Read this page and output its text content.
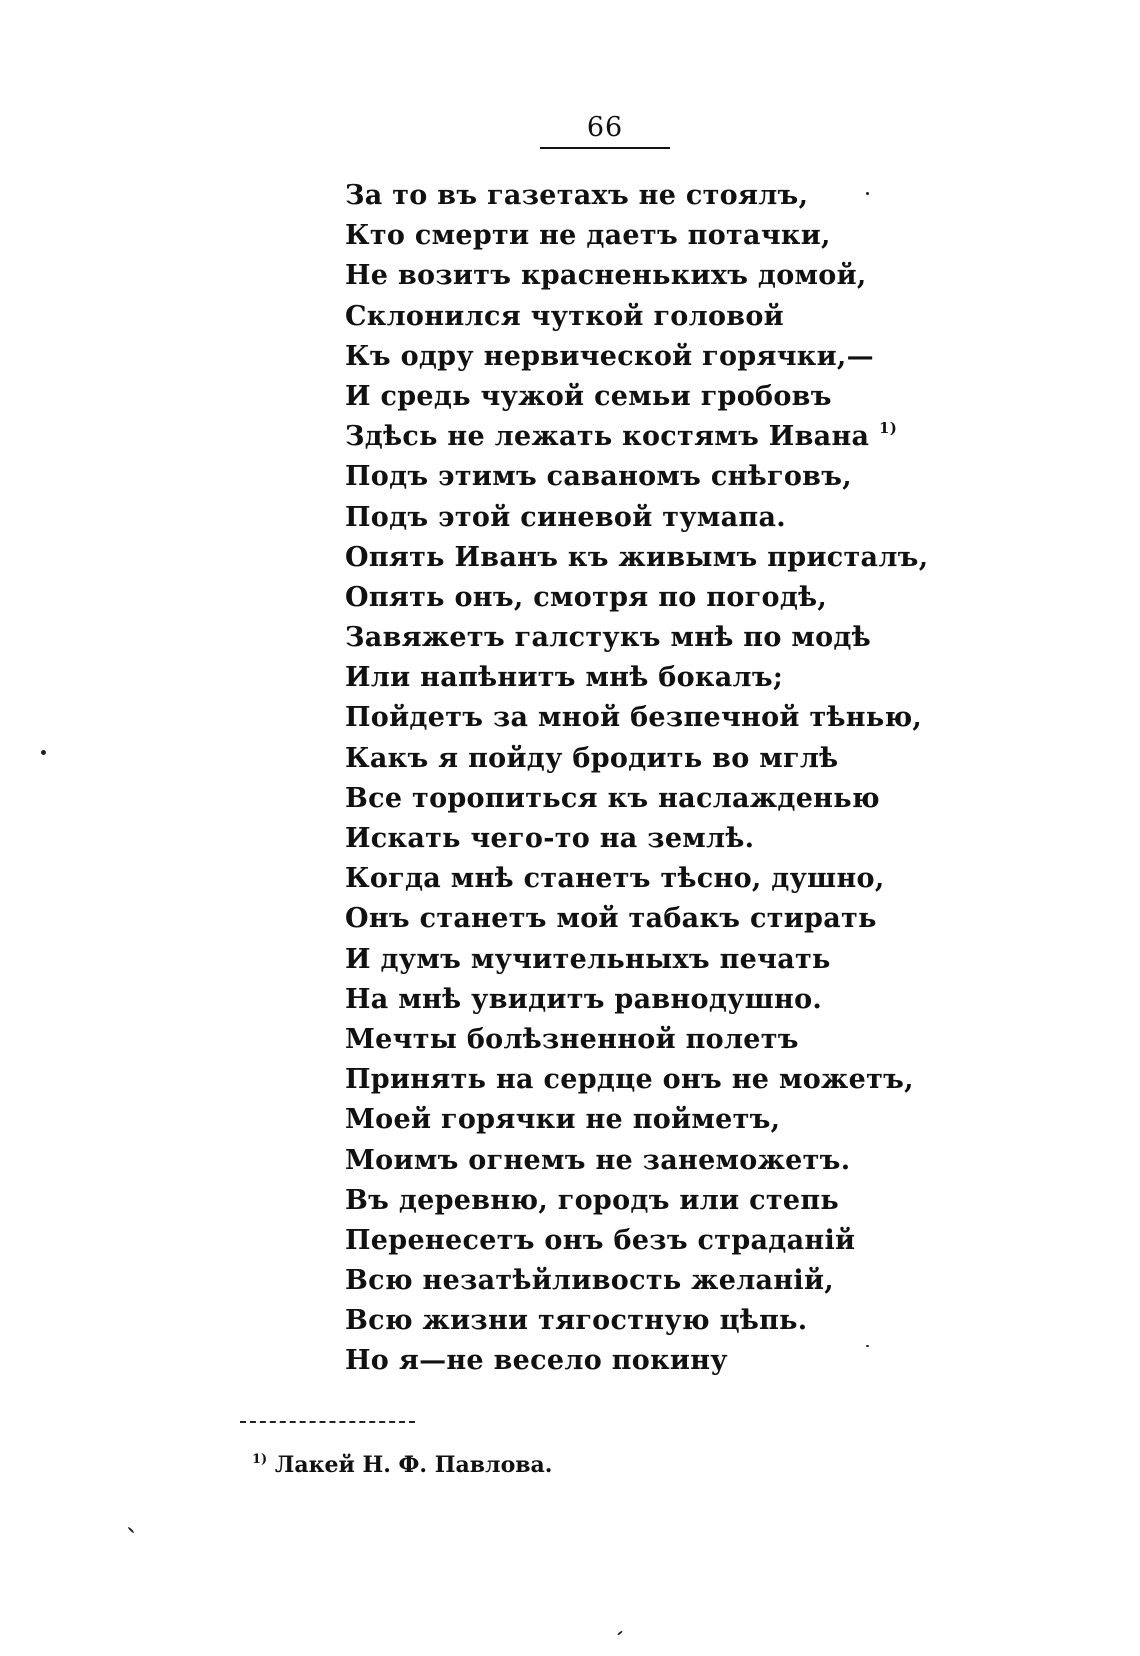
66
За то въ газетахъ не стоялъ,
Кто смерти не даетъ потачки,
Не возитъ красненькихъ домой,
Склонился чуткой головой
Къ одру нервической горячки,—
И средь чужой семьи гробовъ
Здѣсь не лежать костямъ Ивана $^{1)}$
Подъ этимъ саваномъ снѣговъ,
Подъ этой синевой тумапа.
Опять Иванъ къ живымъ присталъ,
Опять онъ, смотря по погодѣ,
Завяжетъ галстукъ мнѣ по модѣ
Или напѣнитъ мнѣ бокалъ;
Пойдетъ за мной безпечной тѣнью,
Какъ я пойду бродить во мглѣ
Все торопиться къ наслажденью
Искать чего-то на землѣ.
Когда мнѣ станетъ тѣсно, душно,
Онъ станетъ мой табакъ стирать
И думъ мучительныхъ печать
На мнѣ увидитъ равнодушно.
Мечты болѣзненной полетъ
Принять на сердце онъ не можетъ,
Моей горячки не пойметъ,
Моимъ огнемъ не занеможетъ.
Въ деревню, городъ или степь
Перенесетъ онъ безъ страданій
Всю незатѣйливость желаній,
Всю жизни тягостную цѣпь.
Но я—не весело покину
$^{1)}$ Лакей Н. Ф. Павлова.
